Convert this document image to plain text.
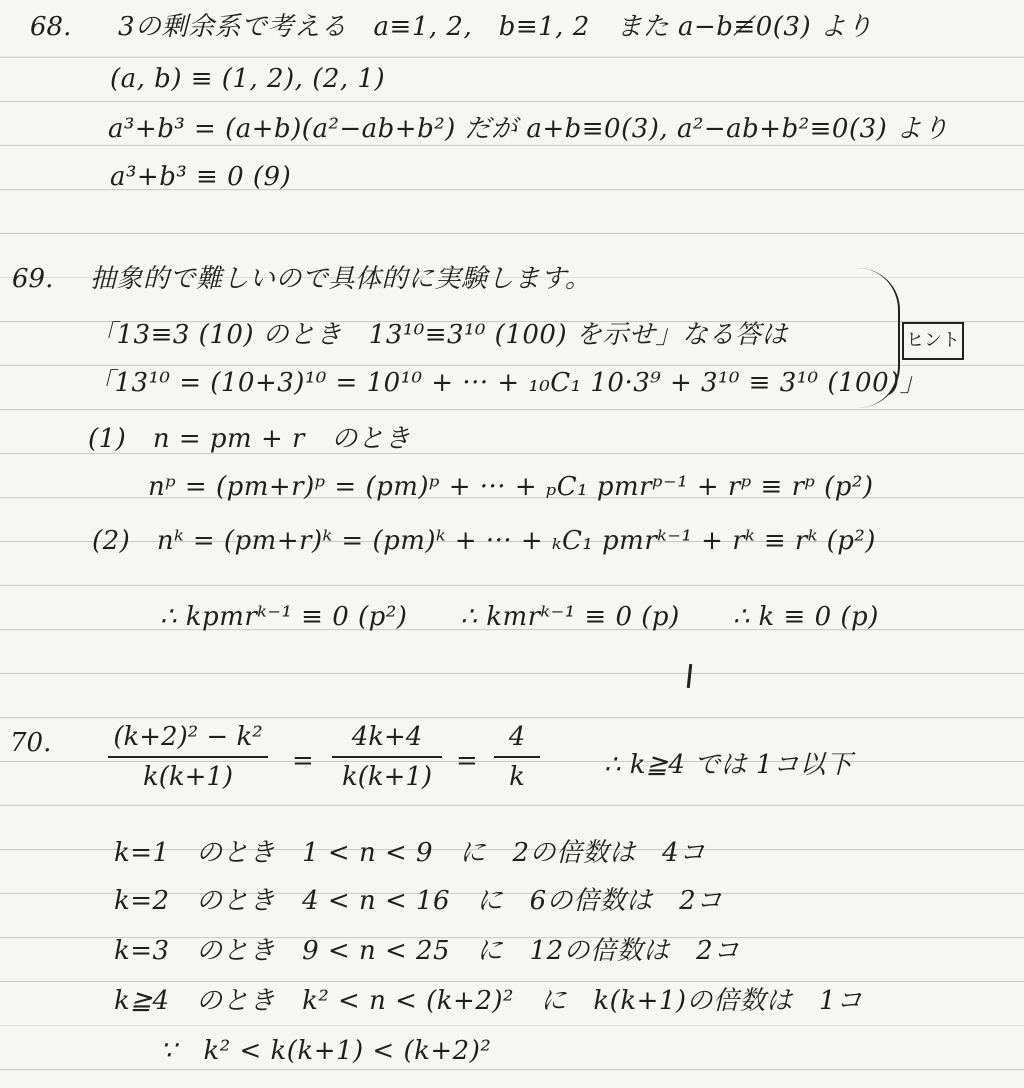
68. 3の剰余系で考える　a≡1, 2,　b≡1, 2　また a−b≢0(3) より
(a, b) ≡ (1, 2), (2, 1)
a³+b³ = (a+b)(a²−ab+b²) だが a+b≡0(3), a²−ab+b²≡0(3) より
a³+b³ ≡ 0 (9)
69. 抽象的で難しいので具体的に実験します。
「13≡3 (10) のとき　13¹⁰≡3¹⁰ (100) を示せ」なる答は
「13¹⁰ = (10+3)¹⁰ = 10¹⁰ + ··· + ₁₀C₁ 10·3⁹ + 3¹⁰ ≡ 3¹⁰ (100)」
ヒント
(1)　n = pm + r　のとき
nᵖ = (pm+r)ᵖ = (pm)ᵖ + ··· + ₚC₁ pmrᵖ⁻¹ + rᵖ ≡ rᵖ (p²)
(2)　nᵏ = (pm+r)ᵏ = (pm)ᵏ + ··· + ₖC₁ pmrᵏ⁻¹ + rᵏ ≡ rᵏ (p²)
∴ kpmrᵏ⁻¹ ≡ 0 (p²)　　∴ kmrᵏ⁻¹ ≡ 0 (p)　　∴ k ≡ 0 (p)
70. (k+2)² − k²
k(k+1)
=
4k+4
k(k+1)
=
4
k	∴ k≧4 では 1コ以下
k=1　のとき　1 < n < 9　に　2の倍数は　4コ
k=2　のとき　4 < n < 16　に　6の倍数は　2コ
k=3　のとき　9 < n < 25　に　12の倍数は　2コ
k≧4　のとき　k² < n < (k+2)²　に　k(k+1)の倍数は　1コ
∵　k² < k(k+1) < (k+2)²
